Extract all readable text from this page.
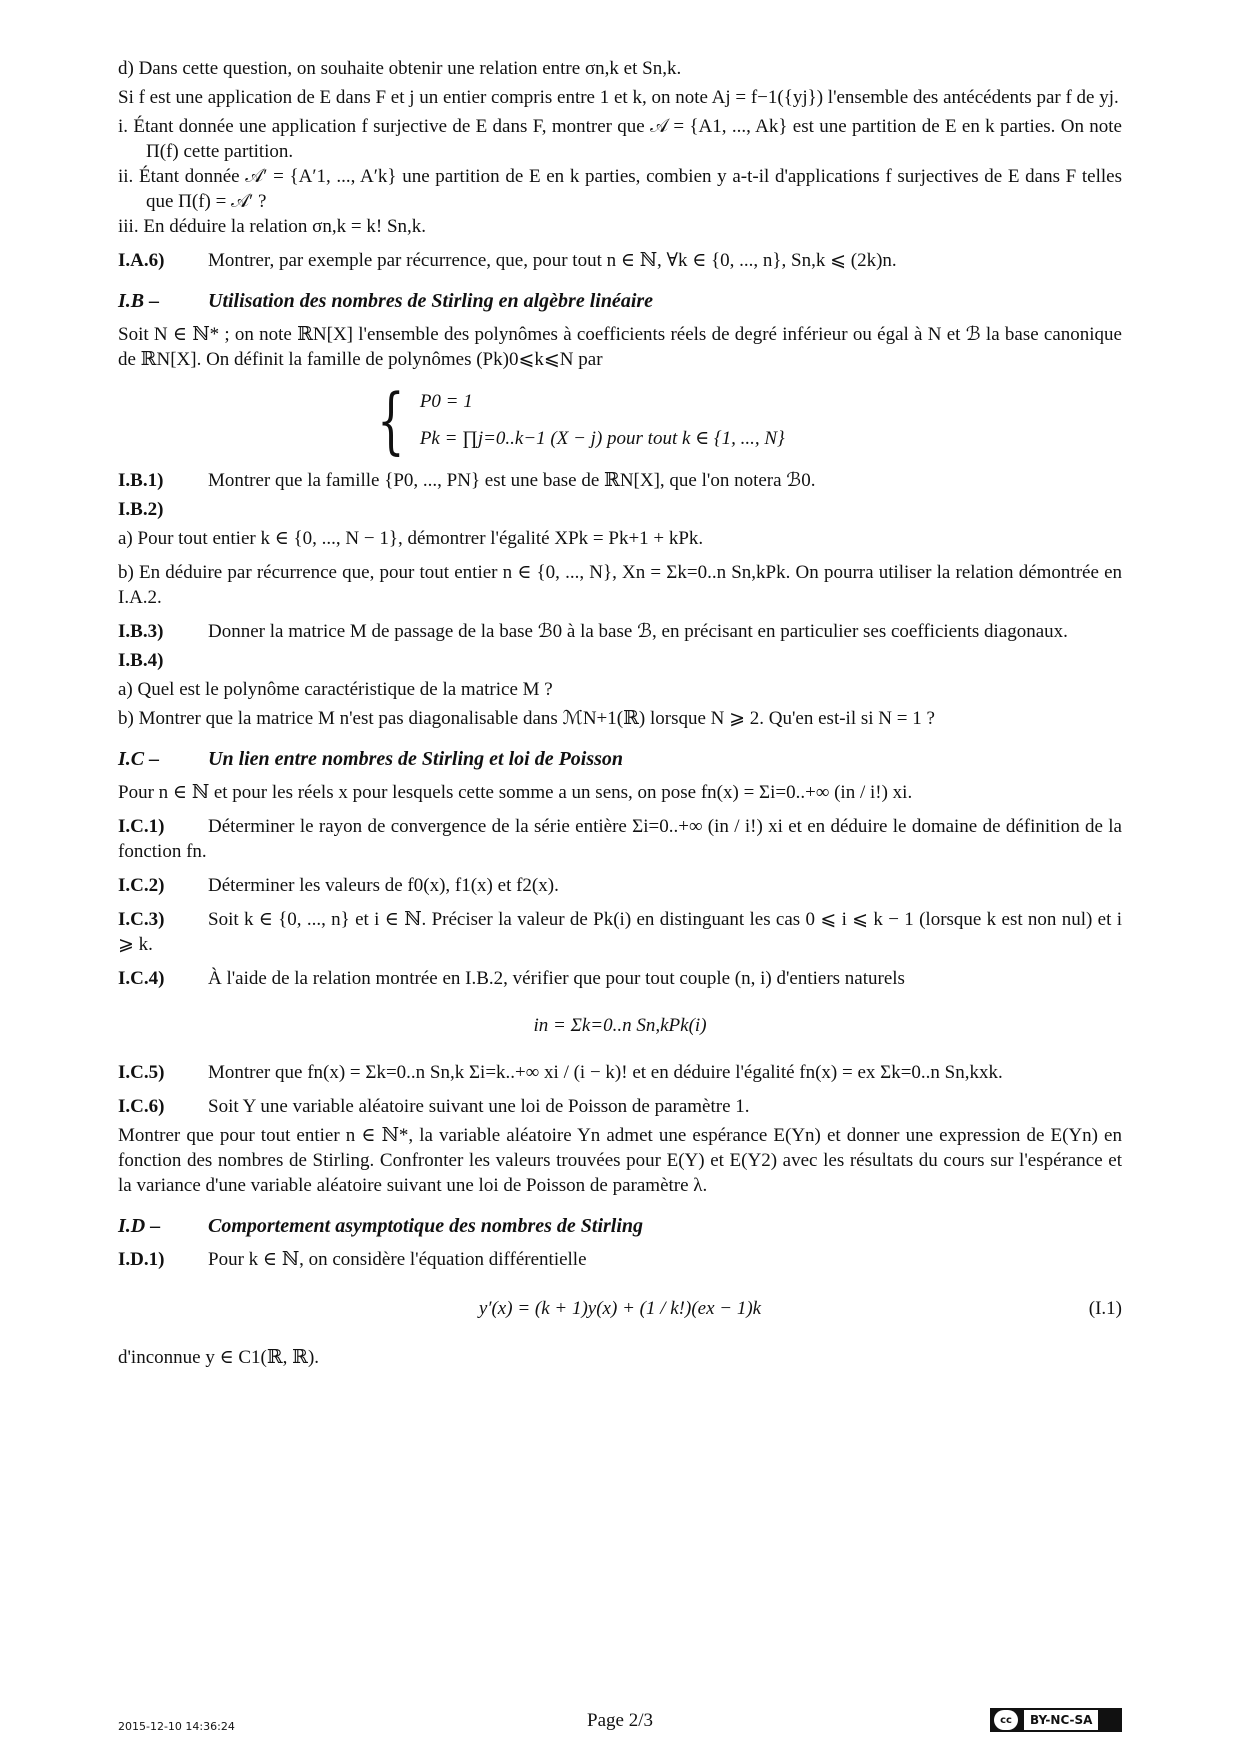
d) Dans cette question, on souhaite obtenir une relation entre σn,k et Sn,k.

Si f est une application de E dans F et j un entier compris entre 1 et k, on note Aj = f−1({yj}) l'ensemble des antécédents par f de yj.

i. Étant donnée une application f surjective de E dans F, montrer que 𝒜 = {A1, ..., Ak} est une partition de E en k parties. On note Π(f) cette partition.

ii. Étant donnée 𝒜′ = {A′1, ..., A′k} une partition de E en k parties, combien y a-t-il d'applications f surjectives de E dans F telles que Π(f) = 𝒜′ ?

iii. En déduire la relation σn,k = k! Sn,k.

I.A.6) Montrer, par exemple par récurrence, que, pour tout n ∈ ℕ, ∀k ∈ {0, ..., n}, Sn,k ⩽ (2k)n.

I.B – Utilisation des nombres de Stirling en algèbre linéaire

Soit N ∈ ℕ* ; on note ℝN[X] l'ensemble des polynômes à coefficients réels de degré inférieur ou égal à N et ℬ la base canonique de ℝN[X]. On définit la famille de polynômes (Pk)0⩽k⩽N par

{ P0 = 1
Pk = ∏j=0..k−1 (X − j) pour tout k ∈ {1, ..., N}

I.B.1) Montrer que la famille {P0, ..., PN} est une base de ℝN[X], que l'on notera ℬ0.

I.B.2)

a) Pour tout entier k ∈ {0, ..., N − 1}, démontrer l'égalité XPk = Pk+1 + kPk.

b) En déduire par récurrence que, pour tout entier n ∈ {0, ..., N}, Xn = Σk=0..n Sn,kPk. On pourra utiliser la relation démontrée en I.A.2.

I.B.3) Donner la matrice M de passage de la base ℬ0 à la base ℬ, en précisant en particulier ses coefficients diagonaux.

I.B.4)

a) Quel est le polynôme caractéristique de la matrice M ?

b) Montrer que la matrice M n'est pas diagonalisable dans ℳN+1(ℝ) lorsque N ⩾ 2. Qu'en est-il si N = 1 ?

I.C – Un lien entre nombres de Stirling et loi de Poisson

Pour n ∈ ℕ et pour les réels x pour lesquels cette somme a un sens, on pose fn(x) = Σi=0..+∞ (in / i!) xi.

I.C.1) Déterminer le rayon de convergence de la série entière Σi=0..+∞ (in / i!) xi et en déduire le domaine de définition de la fonction fn.

I.C.2) Déterminer les valeurs de f0(x), f1(x) et f2(x).

I.C.3) Soit k ∈ {0, ..., n} et i ∈ ℕ. Préciser la valeur de Pk(i) en distinguant les cas 0 ⩽ i ⩽ k − 1 (lorsque k est non nul) et i ⩾ k.

I.C.4) À l'aide de la relation montrée en I.B.2, vérifier que pour tout couple (n, i) d'entiers naturels

in = Σk=0..n Sn,kPk(i)

I.C.5) Montrer que fn(x) = Σk=0..n Sn,k Σi=k..+∞ xi / (i − k)! et en déduire l'égalité fn(x) = ex Σk=0..n Sn,kxk.

I.C.6) Soit Y une variable aléatoire suivant une loi de Poisson de paramètre 1.

Montrer que pour tout entier n ∈ ℕ*, la variable aléatoire Yn admet une espérance E(Yn) et donner une expression de E(Yn) en fonction des nombres de Stirling. Confronter les valeurs trouvées pour E(Y) et E(Y2) avec les résultats du cours sur l'espérance et la variance d'une variable aléatoire suivant une loi de Poisson de paramètre λ.

I.D – Comportement asymptotique des nombres de Stirling

I.D.1) Pour k ∈ ℕ, on considère l'équation différentielle

y′(x) = (k + 1)y(x) + (1 / k!)(ex − 1)k	(I.1)

d'inconnue y ∈ C1(ℝ, ℝ).

2015-12-10 14:36:24	Page 2/3	cc	BY-NC-SA
